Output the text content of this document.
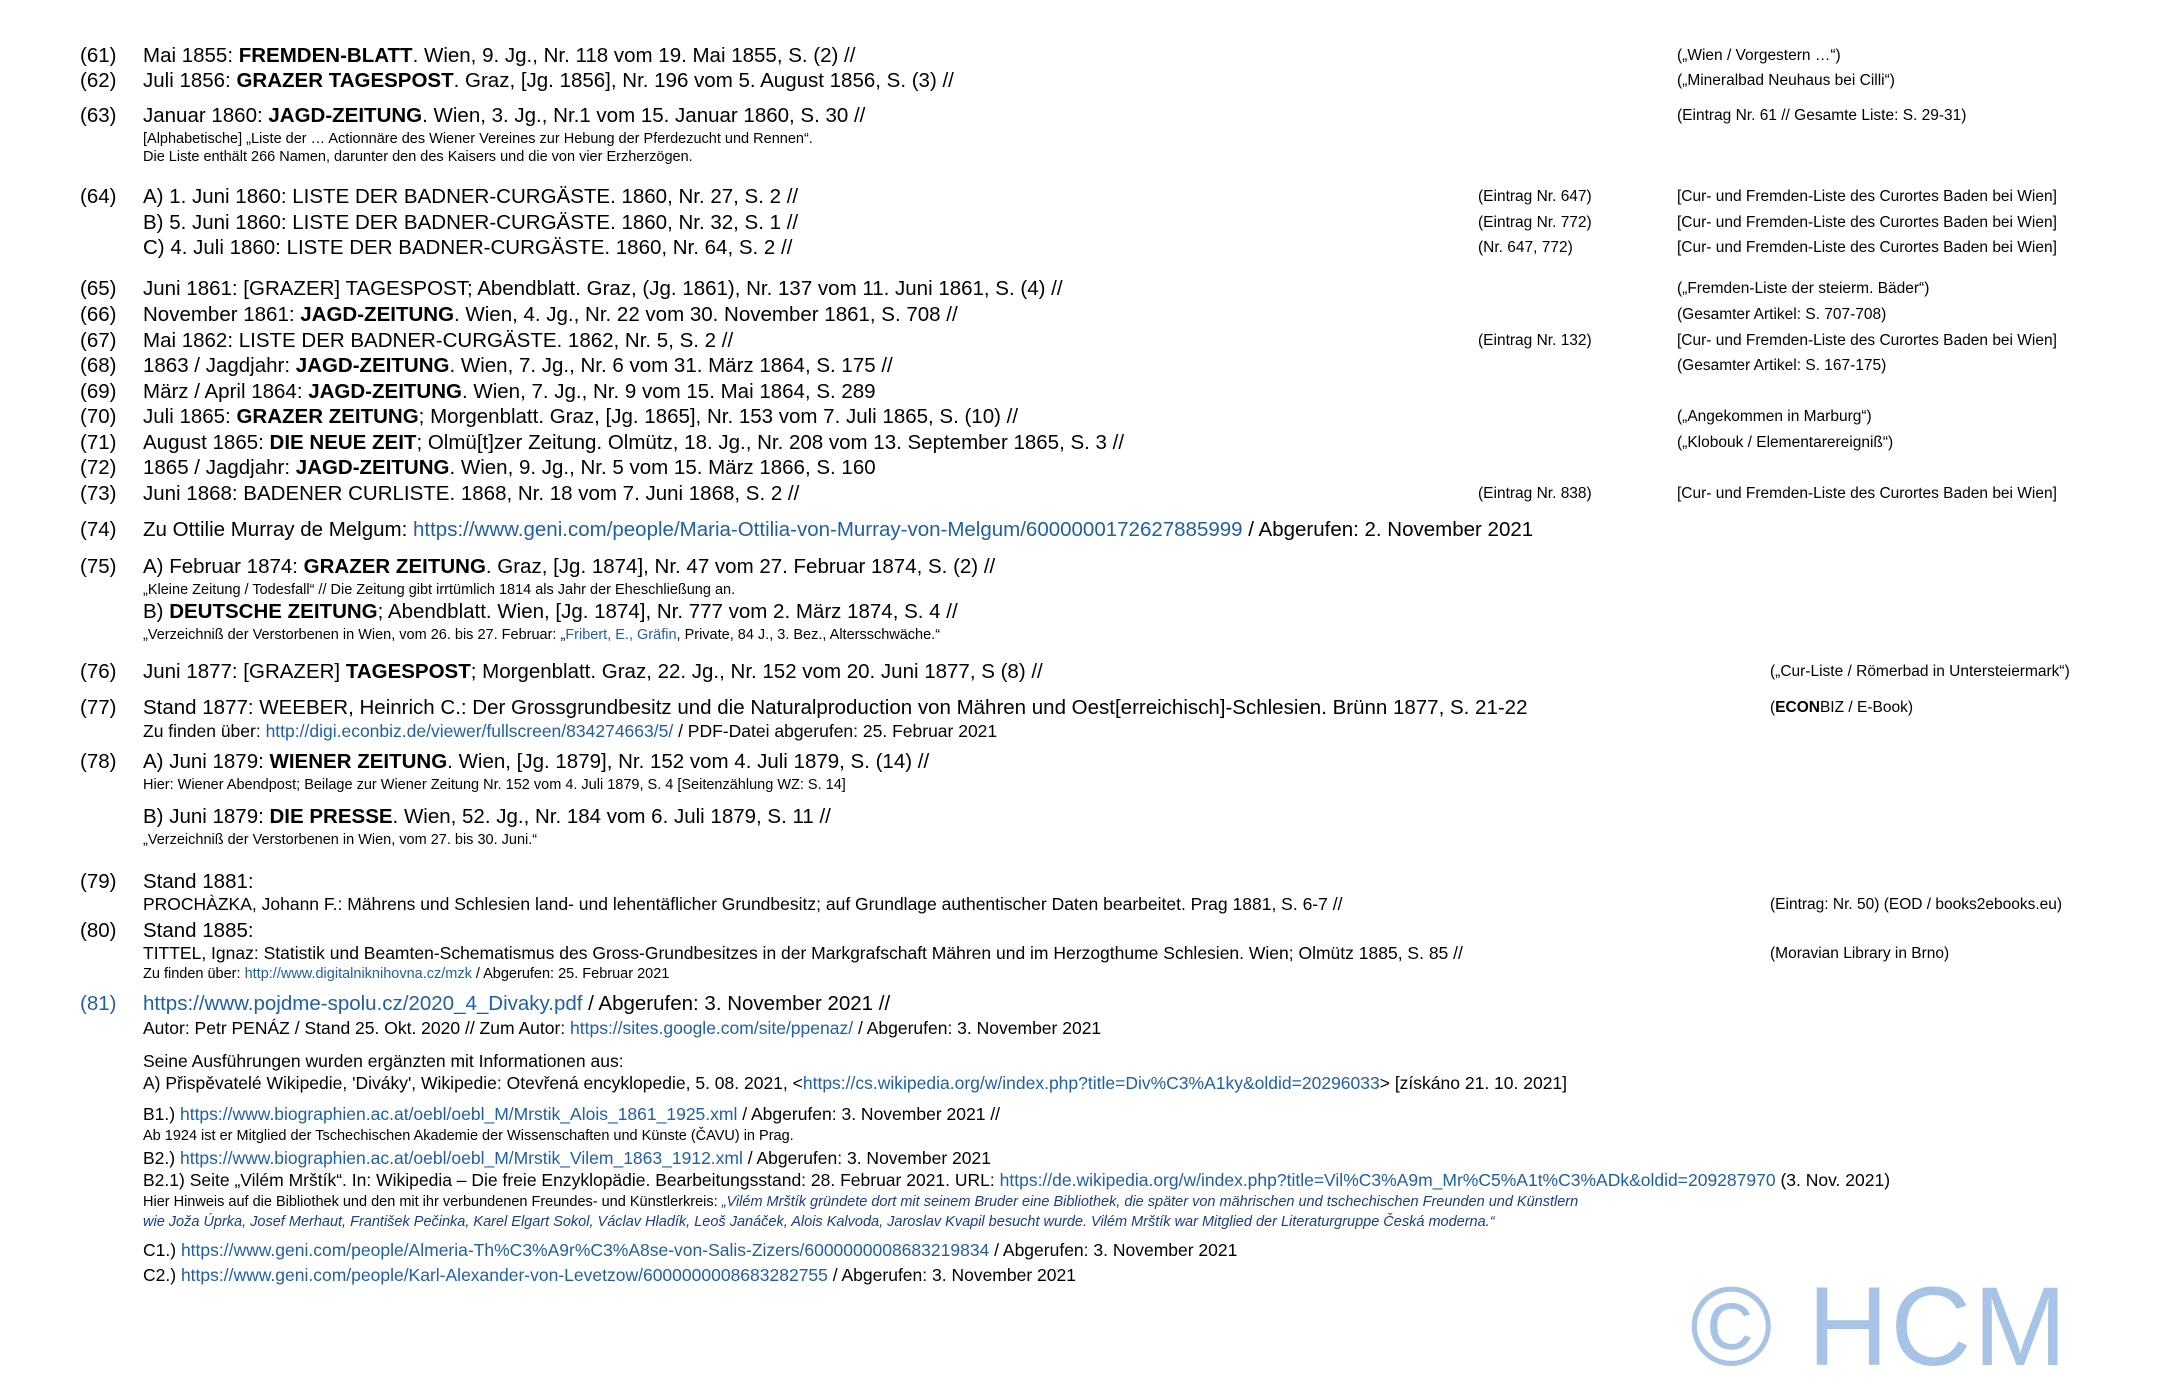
(61) Mai 1855: FREMDEN-BLATT. Wien, 9. Jg., Nr. 118 vom 19. Mai 1855, S. (2) //	(„Wien / Vorgestern …“)
(62) Juli 1856: GRAZER TAGESPOST. Graz, [Jg. 1856], Nr. 196 vom 5. August 1856, S. (3) //	(„Mineralbad Neuhaus bei Cilli“)
(63) Januar 1860: JAGD-ZEITUNG. Wien, 3. Jg., Nr.1 vom 15. Januar 1860, S. 30 //	(Eintrag Nr. 61 // Gesamte Liste: S. 29-31)
[Alphabetische] „Liste der … Actionnäre des Wiener Vereines zur Hebung der Pferdezucht und Rennen“.
Die Liste enthält 266 Namen, darunter den des Kaisers und die von vier Erzherzögen.
(64) A) 1. Juni 1860: LISTE DER BADNER-CURGÄSTE. 1860, Nr. 27, S. 2 //	(Eintrag Nr. 647)	[Cur- und Fremden-Liste des Curortes Baden bei Wien]
B) 5. Juni 1860: LISTE DER BADNER-CURGÄSTE. 1860, Nr. 32, S. 1 //	(Eintrag Nr. 772)	[Cur- und Fremden-Liste des Curortes Baden bei Wien]
C) 4. Juli 1860: LISTE DER BADNER-CURGÄSTE. 1860, Nr. 64, S. 2 //	(Nr. 647, 772)	[Cur- und Fremden-Liste des Curortes Baden bei Wien]
(65) Juni 1861: [GRAZER] TAGESPOST; Abendblatt. Graz, (Jg. 1861), Nr. 137 vom 11. Juni 1861, S. (4) //	(„Fremden-Liste der steierm. Bäder“)
(66) November 1861: JAGD-ZEITUNG. Wien, 4. Jg., Nr. 22 vom 30. November 1861, S. 708 //	(Gesamter Artikel: S. 707-708)
(67) Mai 1862: LISTE DER BADNER-CURGÄSTE. 1862, Nr. 5, S. 2 //	(Eintrag Nr. 132)	[Cur- und Fremden-Liste des Curortes Baden bei Wien]
(68) 1863 / Jagdjahr: JAGD-ZEITUNG. Wien, 7. Jg., Nr. 6 vom 31. März 1864, S. 175 //	(Gesamter Artikel: S. 167-175)
(69) März / April 1864: JAGD-ZEITUNG. Wien, 7. Jg., Nr. 9 vom 15. Mai 1864, S. 289
(70) Juli 1865: GRAZER ZEITUNG; Morgenblatt. Graz, [Jg. 1865], Nr. 153 vom 7. Juli 1865, S. (10) //	(„Angekommen in Marburg“)
(71) August 1865: DIE NEUE ZEIT; Olmü[t]zer Zeitung. Olmütz, 18. Jg., Nr. 208 vom 13. September 1865, S. 3 //	(„Klobouk / Elementarereigniß“)
(72) 1865 / Jagdjahr: JAGD-ZEITUNG. Wien, 9. Jg., Nr. 5 vom 15. März 1866, S. 160
(73) Juni 1868: BADENER CURLISTE. 1868, Nr. 18 vom 7. Juni 1868, S. 2 //	(Eintrag Nr. 838)	[Cur- und Fremden-Liste des Curortes Baden bei Wien]
(74) Zu Ottilie Murray de Melgum: https://www.geni.com/people/Maria-Ottilia-von-Murray-von-Melgum/6000000172627885999 / Abgerufen: 2. November 2021
(75) A) Februar 1874: GRAZER ZEITUNG. Graz, [Jg. 1874], Nr. 47 vom 27. Februar 1874, S. (2) //
„Kleine Zeitung / Todesfall“ // Die Zeitung gibt irrtümlich 1814 als Jahr der Eheschließung an.
B) DEUTSCHE ZEITUNG; Abendblatt. Wien, [Jg. 1874], Nr. 777 vom 2. März 1874, S. 4 //
„Verzeichniß der Verstorbenen in Wien, vom 26. bis 27. Februar: „Fribert, E., Gräfin, Private, 84 J., 3. Bez., Altersschwäche.“
(76) Juni 1877: [GRAZER] TAGESPOST; Morgenblatt. Graz, 22. Jg., Nr. 152 vom 20. Juni 1877, S (8) //	(„Cur-Liste / Römerbad in Untersteiermark“)
(77) Stand 1877: WEEBER, Heinrich C.: Der Grossgrundbesitz und die Naturalproduction von Mähren und Oest[erreichisch]-Schlesien. Brünn 1877, S. 21-22	(ECONBIZ / E-Book)
Zu finden über: http://digi.econbiz.de/viewer/fullscreen/834274663/5/ / PDF-Datei abgerufen: 25. Februar 2021
(78) A) Juni 1879: WIENER ZEITUNG. Wien, [Jg. 1879], Nr. 152 vom 4. Juli 1879, S. (14) //
Hier: Wiener Abendpost; Beilage zur Wiener Zeitung Nr. 152 vom 4. Juli 1879, S. 4 [Seitenzählung WZ: S. 14]
B) Juni 1879: DIE PRESSE. Wien, 52. Jg., Nr. 184 vom 6. Juli 1879, S. 11 //
„Verzeichniß der Verstorbenen in Wien, vom 27. bis 30. Juni.“
(79) Stand 1881:
PROCHÀZKA, Johann F.: Mährens und Schlesien land- und lehentäflicher Grundbesitz; auf Grundlage authentischer Daten bearbeitet. Prag 1881, S. 6-7 //	(Eintrag: Nr. 50) (EOD / books2ebooks.eu)
(80) Stand 1885:
TITTEL, Ignaz: Statistik und Beamten-Schematismus des Gross-Grundbesitzes in der Markgrafschaft Mähren und im Herzogthume Schlesien. Wien; Olmütz 1885, S. 85 //	(Moravian Library in Brno)
Zu finden über: http://www.digitalniknihovna.cz/mzk / Abgerufen: 25. Februar 2021
(81) https://www.pojdme-spolu.cz/2020_4_Divaky.pdf / Abgerufen: 3. November 2021 //
Autor: Petr PENÁZ / Stand 25. Okt. 2020 // Zum Autor: https://sites.google.com/site/ppenaz/ / Abgerufen: 3. November 2021
Seine Ausführungen wurden ergänzten mit Informationen aus:
A) Přispěvatelé Wikipedie, 'Diváky', Wikipedie: Otevřená encyklopedie, 5. 08. 2021, <https://cs.wikipedia.org/w/index.php?title=Div%C3%A1ky&oldid=20296033> [získáno 21. 10. 2021]
B1.) https://www.biographien.ac.at/oebl/oebl_M/Mrstik_Alois_1861_1925.xml / Abgerufen: 3. November 2021 //
Ab 1924 ist er Mitglied der Tschechischen Akademie der Wissenschaften und Künste (ČAVU) in Prag.
B2.) https://www.biographien.ac.at/oebl/oebl_M/Mrstik_Vilem_1863_1912.xml / Abgerufen: 3. November 2021
B2.1) Seite „Vilém Mrštík“. In: Wikipedia – Die freie Enzyklopädie. Bearbeitungsstand: 28. Februar 2021. URL: https://de.wikipedia.org/w/index.php?title=Vil%C3%A9m_Mr%C5%A1t%C3%ADk&oldid=209287970 (3. Nov. 2021)
Hier Hinweis auf die Bibliothek und den mit ihr verbundenen Freundes- und Künstlerkreis: „Vilém Mrštík gründete dort mit seinem Bruder eine Bibliothek, die später von mährischen und tschechischen Freunden und Künstlern
wie Joža Úprka, Josef Merhaut, František Pečinka, Karel Elgart Sokol, Václav Hladík, Leoš Janáček, Alois Kalvoda, Jaroslav Kvapil besucht wurde. Vilém Mrštík war Mitglied der Literaturgruppe Česká moderna.“
C1.) https://www.geni.com/people/Almeria-Th%C3%A9r%C3%A8se-von-Salis-Zizers/6000000008683219834 / Abgerufen: 3. November 2021
C2.) https://www.geni.com/people/Karl-Alexander-von-Levetzow/6000000008683282755 / Abgerufen: 3. November 2021	© HCM
